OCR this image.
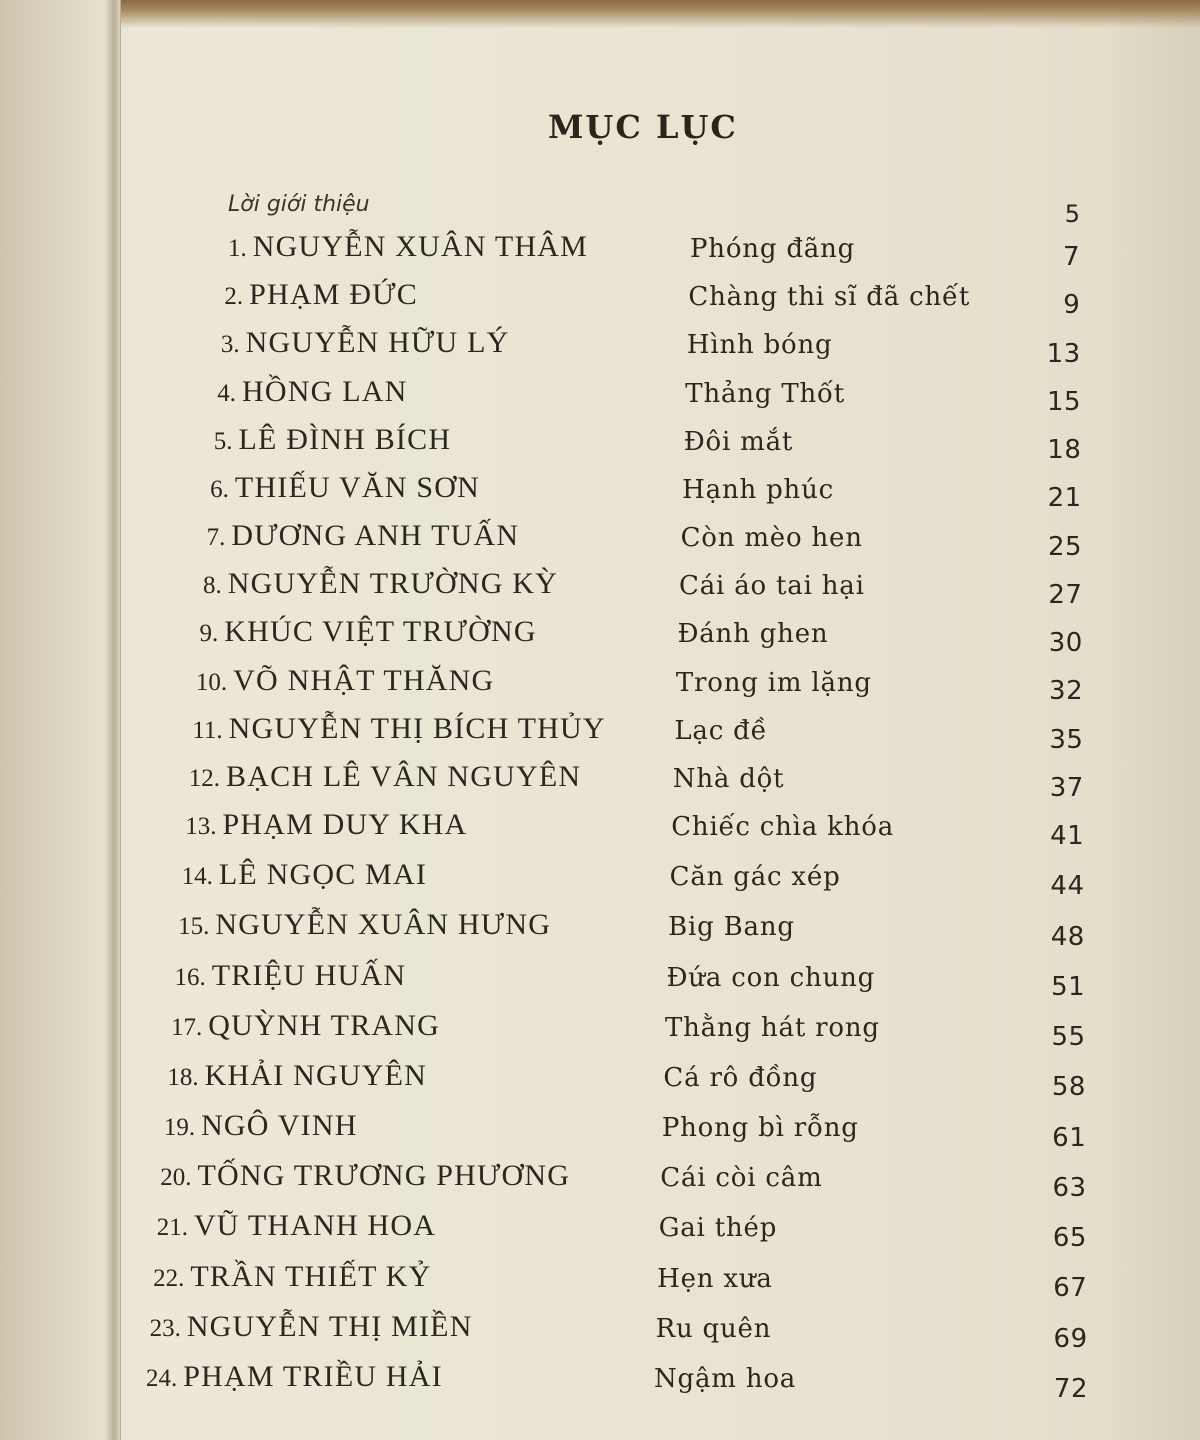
MỤC LỤC
Lời giới thiệu	5
1. NGUYỄN XUÂN THÂM	Phóng đãng	7
2. PHẠM ĐỨC	Chàng thi sĩ đã chết	9
3. NGUYỄN HỮU LÝ	Hình bóng	13
4. HỒNG LAN	Thảng Thốt	15
5. LÊ ĐÌNH BÍCH	Đôi mắt	18
6. THIẾU VĂN SƠN	Hạnh phúc	21
7. DƯƠNG ANH TUẤN	Còn mèo hen	25
8. NGUYỄN TRƯỜNG KỲ	Cái áo tai hại	27
9. KHÚC VIỆT TRƯỜNG	Đánh ghen	30
10. VÕ NHẬT THĂNG	Trong im lặng	32
11. NGUYỄN THỊ BÍCH THỦY	Lạc đề	35
12. BẠCH LÊ VÂN NGUYÊN	Nhà dột	37
13. PHẠM DUY KHA	Chiếc chìa khóa	41
14. LÊ NGỌC MAI	Căn gác xép	44
15. NGUYỄN XUÂN HƯNG	Big Bang	48
16. TRIỆU HUẤN	Đứa con chung	51
17. QUỲNH TRANG	Thằng hát rong	55
18. KHẢI NGUYÊN	Cá rô đồng	58
19. NGÔ VINH	Phong bì rỗng	61
20. TỐNG TRƯƠNG PHƯƠNG	Cái còi câm	63
21. VŨ THANH HOA	Gai thép	65
22. TRẦN THIẾT KỶ	Hẹn xưa	67
23. NGUYỄN THỊ MIỀN	Ru quên	69
24. PHẠM TRIỀU HẢI	Ngậm hoa	72
